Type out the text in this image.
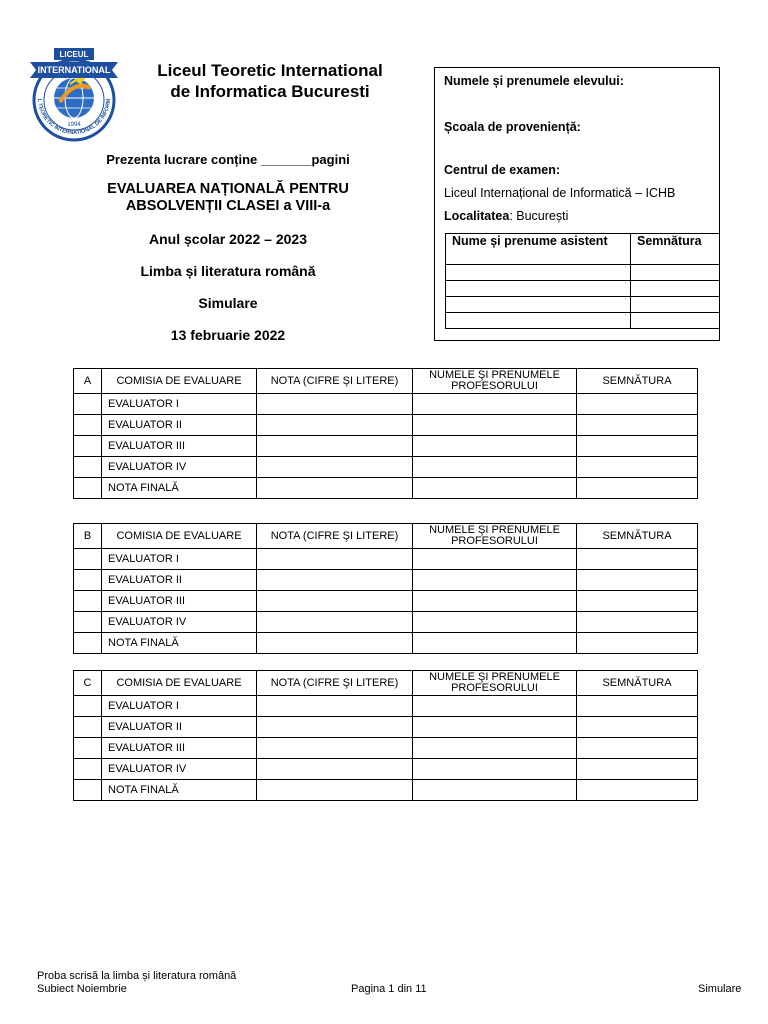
LICEUL
INTERNATIONAL
L TEORETIC INTERNATIONAL DE INFORM
1994
Liceul Teoretic International
de Informatica Bucuresti
Prezenta lucrare conține _______pagini
EVALUAREA NAȚIONALĂ PENTRU
ABSOLVENȚII CLASEI a VIII-a
Anul școlar 2022 – 2023
Limba și literatura română
Simulare
13 februarie 2022
Numele și prenumele elevului:
Școala de proveniență:
Centrul de examen:
Liceul Internațional de Informatică – ICHB
Localitatea: București
Nume și prenume asistent	Semnătura

A	COMISIA DE EVALUARE	NOTA (CIFRE ŞI LITERE)	NUMELE ŞI PRENUMELE PROFESORULUI	SEMNĂTURA
	EVALUATOR I			
	EVALUATOR II			
	EVALUATOR III			
	EVALUATOR IV			
	NOTA FINALĂ			
B	COMISIA DE EVALUARE	NOTA (CIFRE ŞI LITERE)	NUMELE ŞI PRENUMELE PROFESORULUI	SEMNĂTURA
	EVALUATOR I			
	EVALUATOR II			
	EVALUATOR III			
	EVALUATOR IV			
	NOTA FINALĂ			
C	COMISIA DE EVALUARE	NOTA (CIFRE ŞI LITERE)	NUMELE ŞI PRENUMELE PROFESORULUI	SEMNĂTURA
	EVALUATOR I			
	EVALUATOR II			
	EVALUATOR III			
	EVALUATOR IV			
	NOTA FINALĂ			
Proba scrisă la limba și literatura română
Subiect Noiembrie	Pagina 1 din 11	Simulare
